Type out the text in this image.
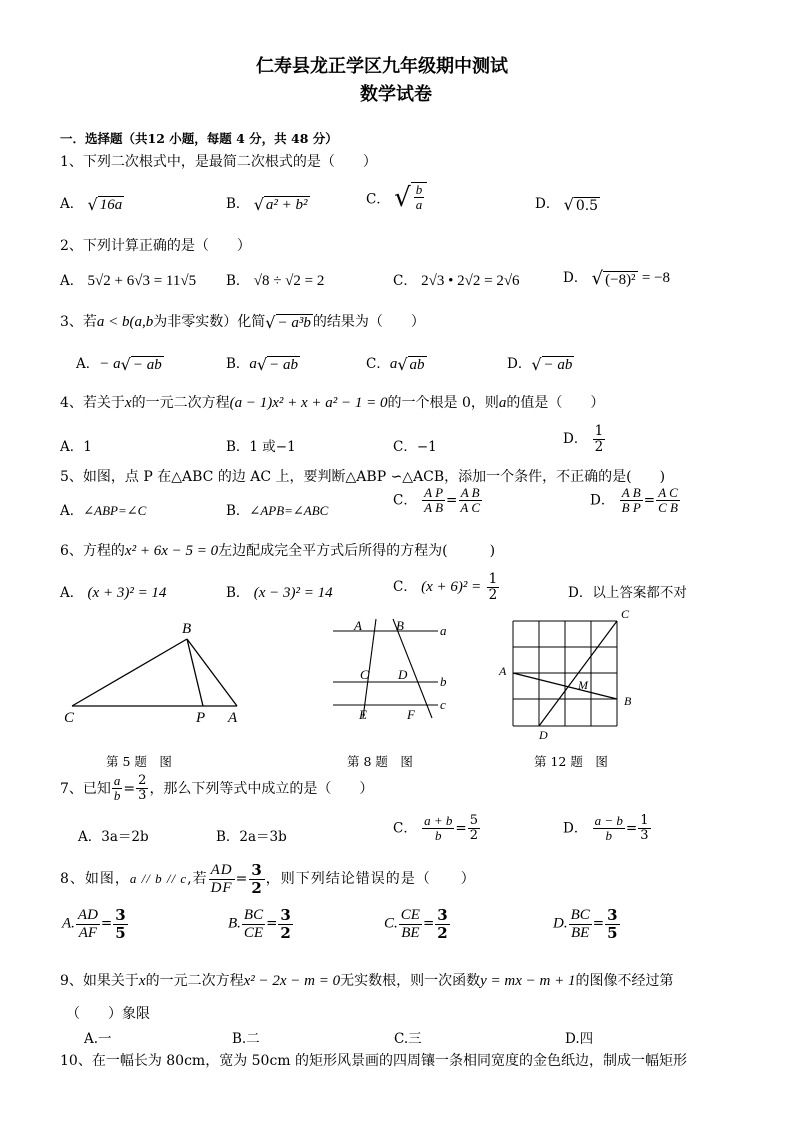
仁寿县龙正学区九年级期中测试
数学试卷
一．选择题（共12 小题，每题 4 分，共 48 分）
1、下列二次根式中，是最简二次根式的是（　　）
A． √ 16a	B． √ a² + b²	C． √ $\frac{b}{a}$	D． √ 0.5
2、下列计算正确的是（　　）
A． 5√2 + 6√3 = 11√5 B． √8 ÷ √2 = 2	C． 2√3 • 2√2 = 2√6	D． √ (−8)² = −8
3、若a < b(a,b为非零实数）化简 √ − a³b 的结果为（　　）
A．− a √ − ab	B．a √ − ab	C．a √ ab	D． √ − ab
4、若关于x的一元二次方程(a − 1)x² + x + a² − 1 = 0的一个根是 0，则a的值是（　　）
A．1	B．1 或−1	C．−1
D． $\frac{1}{2}$
5、如图，点 P 在△ABC 的边 AC 上，要判断△ABP ∽△ACB，添加一个条件，不正确的是(　　)
A．∠ABP=∠C	B．∠APB=∠ABC
C． $\frac{\text{A P}}{\text{A B}} = \frac{\text{A B}}{\text{A C}}$	D． $\frac{\text{A B}}{\text{B P}} = \frac{\text{A C}}{\text{C B}}$
6、方程的x² + 6x − 5 = 0左边配成完全平方式后所得的方程为(　　　)
A． (x + 3)² = 14	B． (x − 3)² = 14	C． $(x + 6)^2 = \frac{1}{2}$	D．以上答案都不对
B
C	P A
A	B	a
C D	b
E	F
c
C
A
M
B
D
第 5 题　图	第 8 题　图	第 12 题　图
7、已知 $\frac{a}{b} = \frac{2}{3}$ ，那么下列等式中成立的是（　　）
A．3a＝2b	B．2a＝3b
C． $\frac{a + b}{b} = \frac{5}{2}$	D． $\frac{a - b}{b} = \frac{1}{3}$
8、如图，a // b // c,若 $\frac{AD}{DF} = \frac{3}{2}$ ，则下列结论错误的是（　　）
A. $\frac{AD}{AF} = \frac{3}{5}$	B. $\frac{BC}{CE} = \frac{3}{2}$	C. $\frac{CE}{BE} = \frac{3}{2}$	D. $\frac{BC}{BE} = \frac{3}{5}$
9、如果关于x的一元二次方程x² − 2x − m = 0无实数根，则一次函数y = mx − m + 1的图像不经过第
（　　）象限
A.一	B.二	C.三	D.四
10、在一幅长为 80cm，宽为 50cm 的矩形风景画的四周镶一条相同宽度的金色纸边，制成一幅矩形
